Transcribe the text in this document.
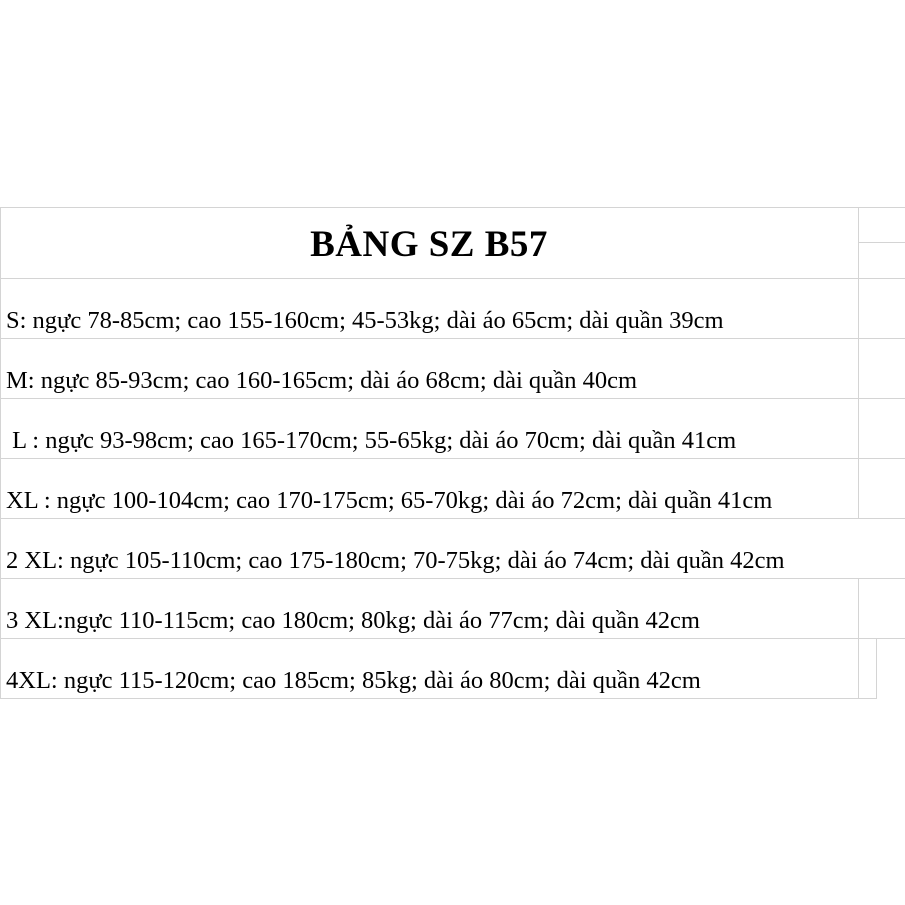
BẢNG SZ B57
S: ngực 78-85cm; cao 155-160cm; 45-53kg; dài áo 65cm; dài quần 39cm
M: ngực 85-93cm; cao 160-165cm; dài áo 68cm; dài quần 40cm
L : ngực 93-98cm; cao 165-170cm; 55-65kg; dài áo 70cm; dài quần 41cm
XL : ngực 100-104cm; cao 170-175cm; 65-70kg; dài áo 72cm; dài quần 41cm
2 XL: ngực 105-110cm; cao 175-180cm; 70-75kg; dài áo 74cm; dài quần 42cm
3 XL:ngực 110-115cm; cao 180cm; 80kg; dài áo 77cm; dài quần 42cm
4XL: ngực 115-120cm; cao 185cm; 85kg; dài áo 80cm; dài quần 42cm
